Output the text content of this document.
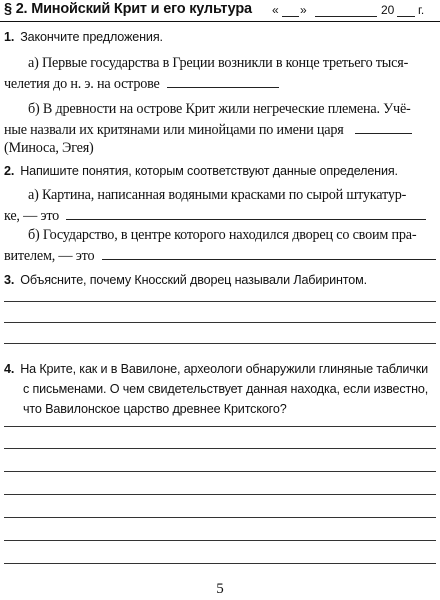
§ 2. Минойский Крит и его культура « »	20 г.
1. Закончите предложения.
а) Первые государства в Греции возникли в конце третьего тыся-
челетия до н. э. на острове
б) В древности на острове Крит жили негреческие племена. Учё-
ные назвали их критянами или минойцами по имени царя
(Миноса, Эгея)
2. Напишите понятия, которым соответствуют данные определения.
а) Картина, написанная водяными красками по сырой штукатур-
ке, — это
б) Государство, в центре которого находился дворец со своим пра-
вителем, — это
3. Объясните, почему Кносский дворец называли Лабиринтом.
4. На Крите, как и в Вавилоне, археологи обнаружили глиняные таблички
с письменами. О чем свидетельствует данная находка, если известно,
что Вавилонское царство древнее Критского?
5
